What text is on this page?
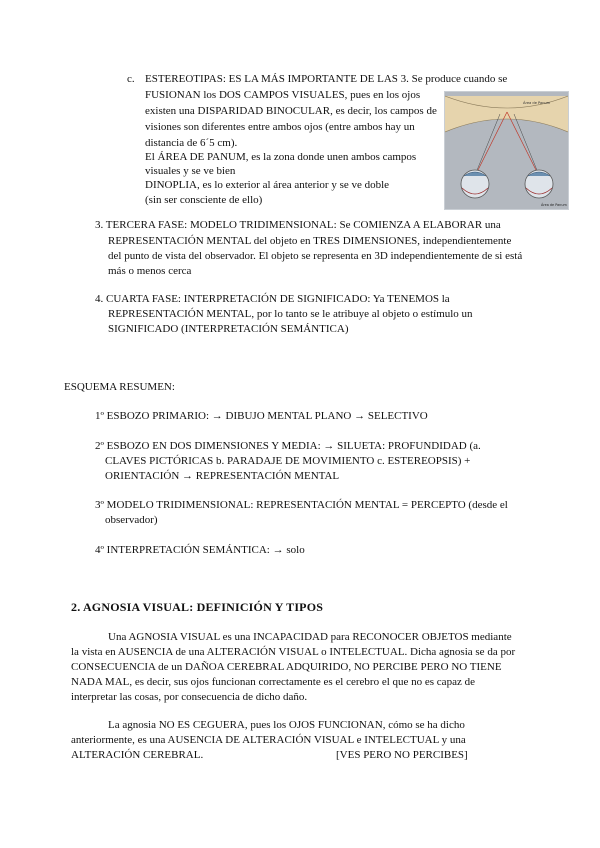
c. ESTEREOTIPAS: ES LA MÁS IMPORTANTE DE LAS 3. Se produce cuando se
FUSIONAN los DOS CAMPOS VISUALES, pues en los ojos
existen una DISPARIDAD BINOCULAR, es decir, los campos de
visiones son diferentes entre ambos ojos (entre ambos hay un
distancia de 6´5 cm).
El ÁREA DE PANUM, es la zona donde unen ambos campos
visuales y se ve bien
DINOPLIA, es lo exterior al área anterior y se ve doble
(sin ser consciente de ello)
Área de Panum
Área de Panum
3. TERCERA FASE: MODELO TRIDIMENSIONAL: Se COMIENZA A ELABORAR una
REPRESENTACIÓN MENTAL del objeto en TRES DIMENSIONES, independientemente
del punto de vista del observador. El objeto se representa en 3D independientemente de si está
más o menos cerca
4. CUARTA FASE: INTERPRETACIÓN DE SIGNIFICADO: Ya TENEMOS la
REPRESENTACIÓN MENTAL, por lo tanto se le atribuye al objeto o estímulo un
SIGNIFICADO (INTERPRETACIÓN SEMÁNTICA)
ESQUEMA RESUMEN:
1º ESBOZO PRIMARIO: → DIBUJO MENTAL PLANO → SELECTIVO
2º ESBOZO EN DOS DIMENSIONES Y MEDIA: → SILUETA: PROFUNDIDAD (a.
CLAVES PICTÓRICAS b. PARADAJE DE MOVIMIENTO c. ESTEREOPSIS) +
ORIENTACIÓN → REPRESENTACIÓN MENTAL
3º MODELO TRIDIMENSIONAL: REPRESENTACIÓN MENTAL = PERCEPTO (desde el
observador)
4º INTERPRETACIÓN SEMÁNTICA: → solo
2. AGNOSIA VISUAL: DEFINICIÓN Y TIPOS
Una AGNOSIA VISUAL es una INCAPACIDAD para RECONOCER OBJETOS mediante
la vista en AUSENCIA de una ALTERACIÓN VISUAL o INTELECTUAL. Dicha agnosia se da por
CONSECUENCIA de un DAÑOA CEREBRAL ADQUIRIDO, NO PERCIBE PERO NO TIENE
NADA MAL, es decir, sus ojos funcionan correctamente es el cerebro el que no es capaz de
interpretar las cosas, por consecuencia de dicho daño.
La agnosia NO ES CEGUERA, pues los OJOS FUNCIONAN, cómo se ha dicho
anteriormente, es una AUSENCIA DE ALTERACIÓN VISUAL e INTELECTUAL y una
ALTERACIÓN CEREBRAL.	[VES PERO NO PERCIBES]
